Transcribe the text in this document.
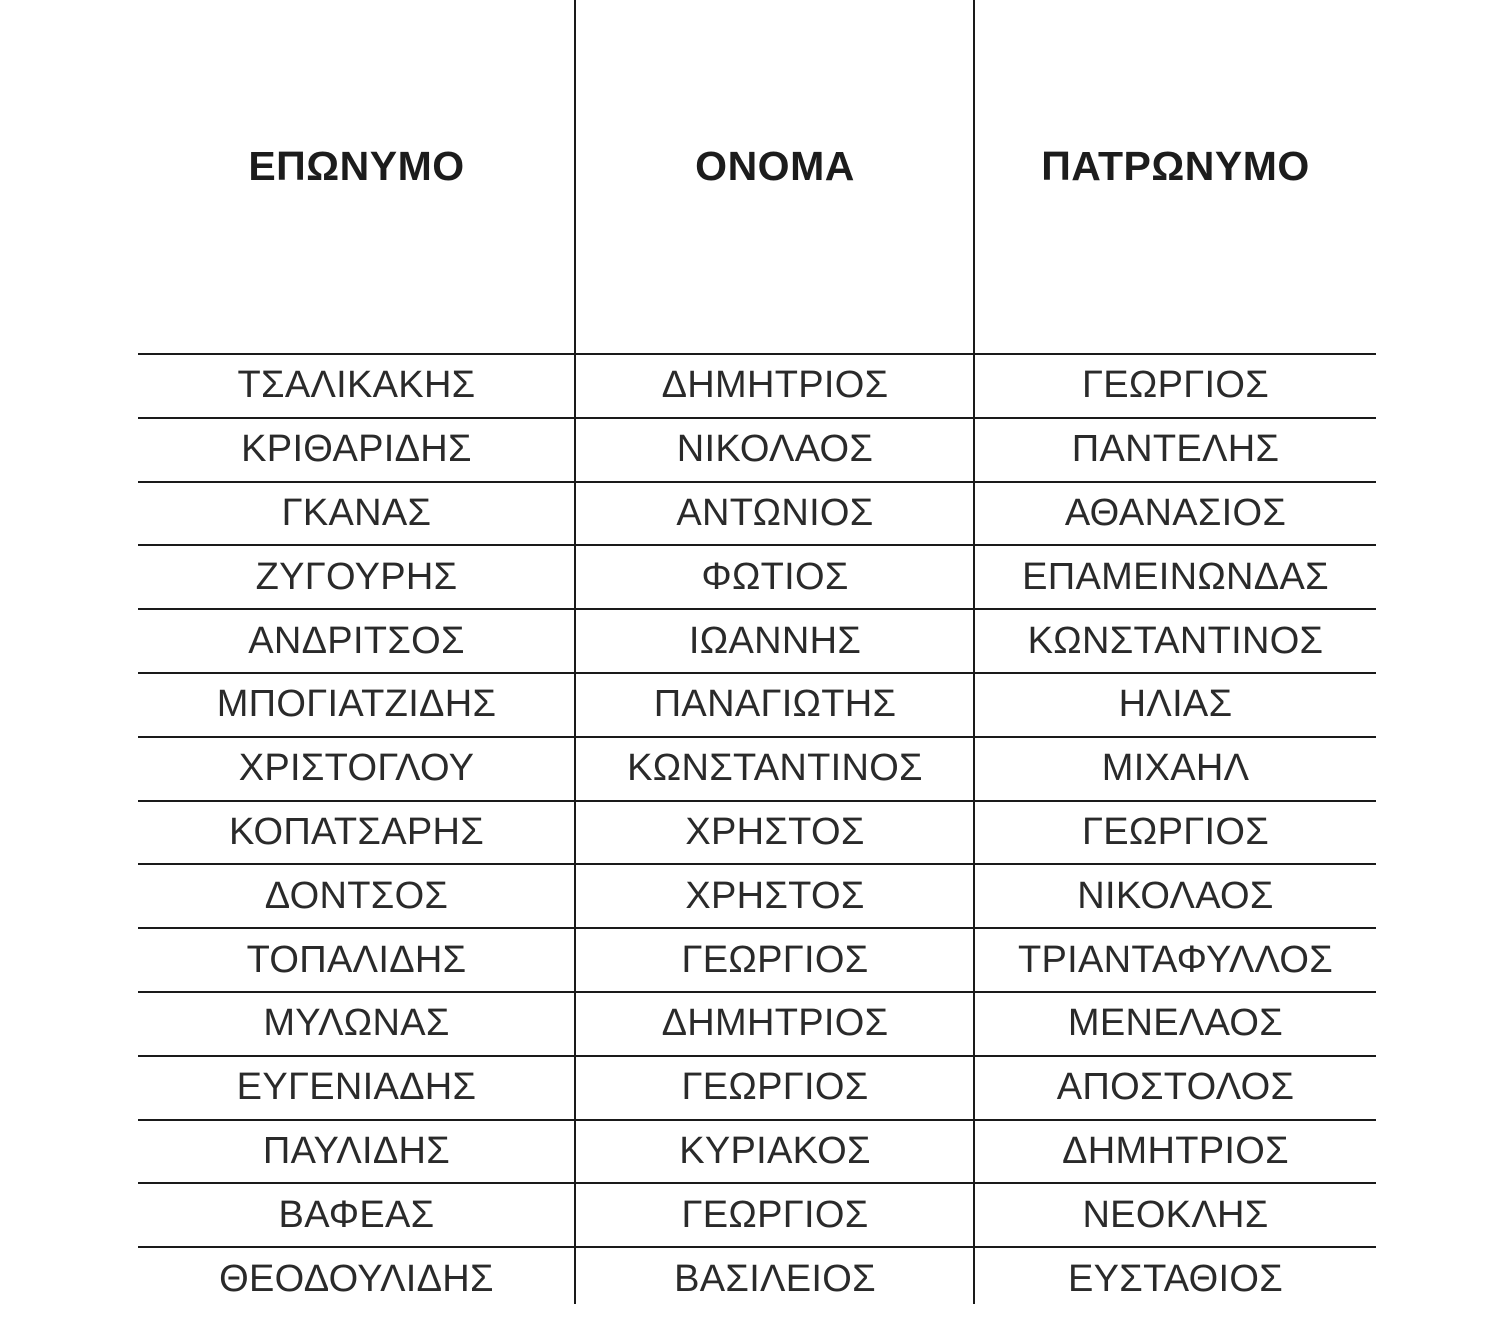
ΕΠΩΝΥΜΟ	ΟΝΟΜΑ	ΠΑΤΡΩΝΥΜΟ
ΤΣΑΛΙΚΑΚΗΣ	ΔΗΜΗΤΡΙΟΣ	ΓΕΩΡΓΙΟΣ
ΚΡΙΘΑΡΙΔΗΣ	ΝΙΚΟΛΑΟΣ	ΠΑΝΤΕΛΗΣ
ΓΚΑΝΑΣ	ΑΝΤΩΝΙΟΣ	ΑΘΑΝΑΣΙΟΣ
ΖΥΓΟΥΡΗΣ	ΦΩΤΙΟΣ	ΕΠΑΜΕΙΝΩΝΔΑΣ
ΑΝΔΡΙΤΣΟΣ	ΙΩΑΝΝΗΣ	ΚΩΝΣΤΑΝΤΙΝΟΣ
ΜΠΟΓΙΑΤΖΙΔΗΣ	ΠΑΝΑΓΙΩΤΗΣ	ΗΛΙΑΣ
ΧΡΙΣΤΟΓΛΟΥ	ΚΩΝΣΤΑΝΤΙΝΟΣ	ΜΙΧΑΗΛ
ΚΟΠΑΤΣΑΡΗΣ	ΧΡΗΣΤΟΣ	ΓΕΩΡΓΙΟΣ
ΔΟΝΤΣΟΣ	ΧΡΗΣΤΟΣ	ΝΙΚΟΛΑΟΣ
ΤΟΠΑΛΙΔΗΣ	ΓΕΩΡΓΙΟΣ	ΤΡΙΑΝΤΑΦΥΛΛΟΣ
ΜΥΛΩΝΑΣ	ΔΗΜΗΤΡΙΟΣ	ΜΕΝΕΛΑΟΣ
ΕΥΓΕΝΙΑΔΗΣ	ΓΕΩΡΓΙΟΣ	ΑΠΟΣΤΟΛΟΣ
ΠΑΥΛΙΔΗΣ	ΚΥΡΙΑΚΟΣ	ΔΗΜΗΤΡΙΟΣ
ΒΑΦΕΑΣ	ΓΕΩΡΓΙΟΣ	ΝΕΟΚΛΗΣ
ΘΕΟΔΟΥΛΙΔΗΣ	ΒΑΣΙΛΕΙΟΣ	ΕΥΣΤΑΘΙΟΣ
